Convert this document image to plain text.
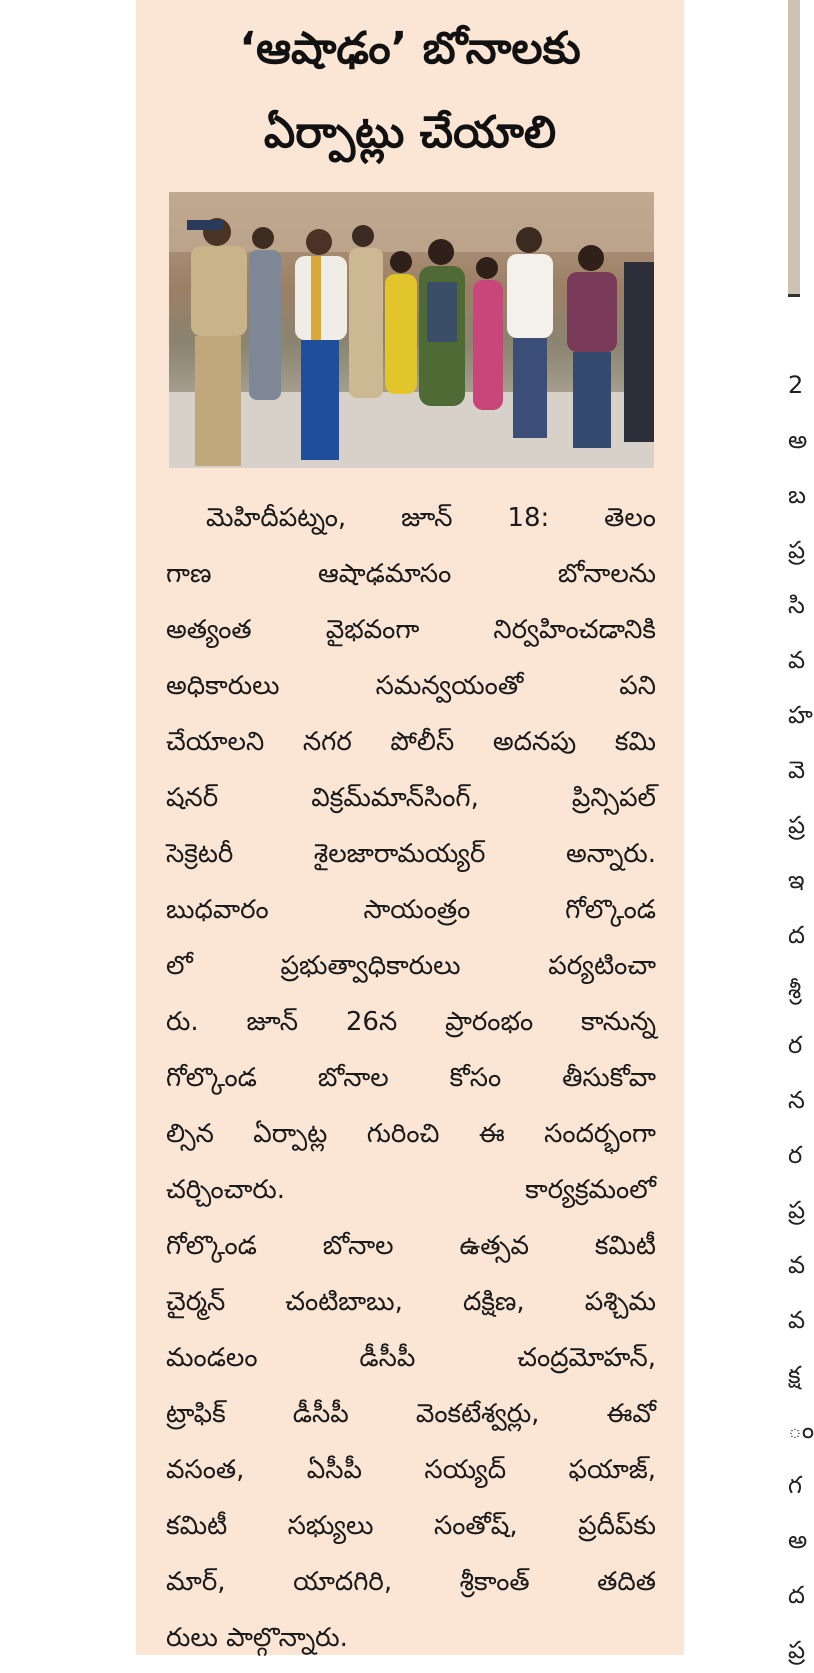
‘ఆషాఢం’ బోనాలకు
ఏర్పాట్లు చేయాలి
మెహిదీపట్నం, జూన్ 18: తెలం
గాణ ఆషాఢమాసం బోనాలను
అత్యంత వైభవంగా నిర్వహించడానికి
అధికారులు సమన్వయంతో పని
చేయాలని నగర పోలీస్ అదనపు కమి
షనర్ విక్రమ్‌మాన్‌సింగ్, ప్రిన్సిపల్
సెక్రెటరీ శైలజారామయ్యర్ అన్నారు.
బుధవారం సాయంత్రం గోల్కొండ
లో ప్రభుత్వాధికారులు పర్యటించా
రు. జూన్ 26న ప్రారంభం కానున్న
గోల్కొండ బోనాల కోసం తీసుకోవా
ల్సిన ఏర్పాట్ల గురించి ఈ సందర్భంగా
చర్చించారు. కార్యక్రమంలో
గోల్కొండ బోనాల ఉత్సవ కమిటీ
చైర్మన్ చంటిబాబు, దక్షిణ, పశ్చిమ
మండలం డీసీపీ చంద్రమోహన్,
ట్రాఫిక్ డీసీపీ వెంకటేశ్వర్లు, ఈవో
వసంత, ఏసీపీ సయ్యద్ ఫయాజ్,
కమిటీ సభ్యులు సంతోష్, ప్రదీప్‌కు
మార్, యాదగిరి, శ్రీకాంత్ తదిత
రులు పాల్గొన్నారు.
2
అ
బ
ప్ర
సి
వ
హ
వె
ప్ర
ఇ
ద
శ్రీ
ర
న
ర
ప్ర
వ
వ
క్ష
ం
గ
అ
ద
ప్ర
